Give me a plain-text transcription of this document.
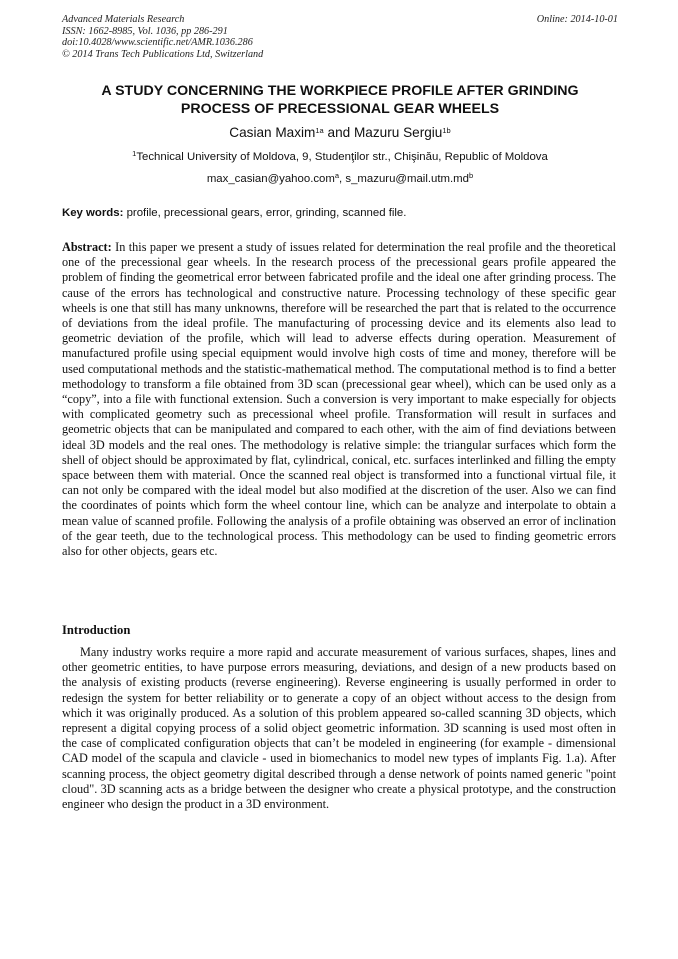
Advanced Materials Research
ISSN: 1662-8985, Vol. 1036, pp 286-291
doi:10.4028/www.scientific.net/AMR.1036.286
© 2014 Trans Tech Publications Ltd, Switzerland
Online: 2014-10-01
A STUDY CONCERNING THE WORKPIECE PROFILE AFTER GRINDING
PROCESS OF PRECESSIONAL GEAR WHEELS
Casian Maxim$^{1a}$ and Mazuru Sergiu$^{1b}$
$^1$Technical University of Moldova, 9, Studenţilor str., Chişinău, Republic of Moldova
max_casian@yahoo.com$^a$, $s\_mazuru@mail.utm.md^b$
Key words: profile, precessional gears, error, grinding, scanned file.

Abstract: In this paper we present a study of issues related for determination the real profile and the theoretical one of the precessional gear wheels. In the research process of the precessional gears profile appeared the problem of finding the geometrical error between fabricated profile and the ideal one after grinding process. The cause of the errors has technological and constructive nature. Processing technology of these specific gear wheels is one that still has many unknowns, therefore will be researched the part that is related to the occurrence of deviations from the ideal profile. The manufacturing of processing device and its elements also lead to geometric deviation of the profile, which will lead to adverse effects during operation. Measurement of manufactured profile using special equipment would involve high costs of time and money, therefore will be used computational methods and the statistic-mathematical method. The computational method is to find a better methodology to transform a file obtained from 3D scan (precessional gear wheel), which can be used only as a “copy”, into a file with functional extension. Such a conversion is very important to make especially for objects with complicated geometry such as precessional wheel profile. Transformation will result in surfaces and geometric objects that can be manipulated and compared to each other, with the aim of find deviations between ideal 3D models and the real ones. The methodology is relative simple: the triangular surfaces which form the shell of object should be approximated by flat, cylindrical, conical, etc. surfaces interlinked and filling the empty space between them with material. Once the scanned real object is transformed into a functional virtual file, it can not only be compared with the ideal model but also modified at the discretion of the user. Also we can find the coordinates of points which form the wheel contour line, which can be analyze and interpolate to obtain a mean value of scanned profile. Following the analysis of a profile obtaining was observed an error of inclination of the gear teeth, due to the technological process. This methodology can be used to finding geometric errors also for other objects, gears etc.

Introduction

Many industry works require a more rapid and accurate measurement of various surfaces, shapes, lines and other geometric entities, to have purpose errors measuring, deviations, and design of a new products based on the analysis of existing products (reverse engineering). Reverse engineering is usually performed in order to redesign the system for better reliability or to generate a copy of an object without access to the design from which it was originally produced. As a solution of this problem appeared so-called scanning 3D objects, which represent a digital copying process of a solid object geometric information. 3D scanning is used most often in the case of complicated configuration objects that can’t be modeled in engineering (for example - dimensional CAD model of the scapula and clavicle - used in biomechanics to model new types of implants Fig. 1.a). After scanning process, the object geometry digital described through a dense network of points named generic "point cloud". 3D scanning acts as a bridge between the designer who create a physical prototype, and the construction engineer who design the product in a 3D environment.
